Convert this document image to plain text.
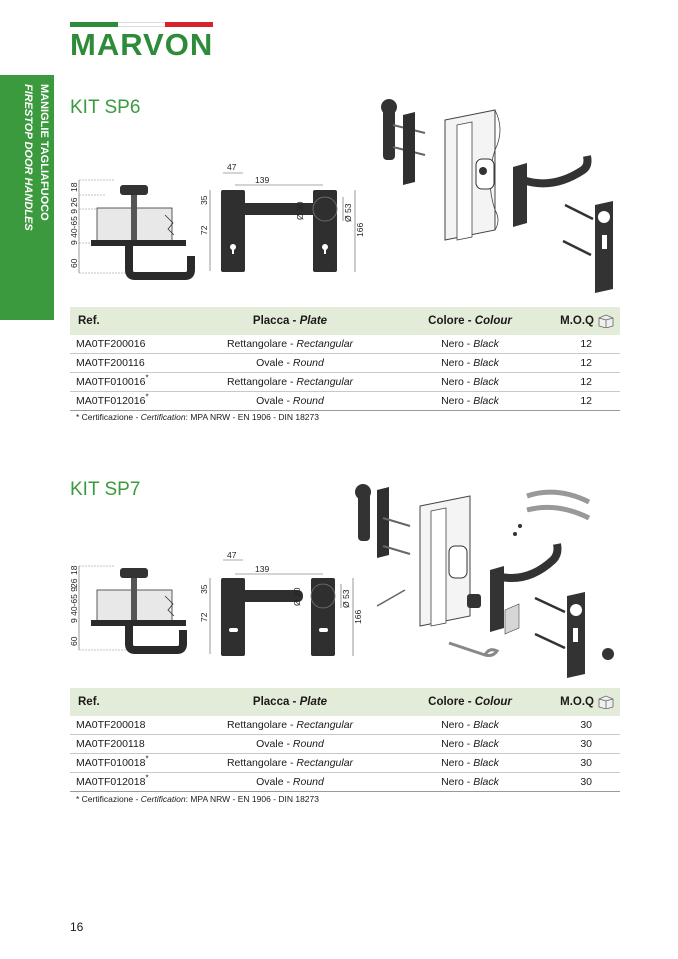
MARVON
MANIGLIE TAGLIAFUOCO
FIRESTOP DOOR HANDLES KIT SP6
60
9 40-65 9
26
18
47
139
35
72
Ø 20	Ø 53
166
Ref.	Placca - Plate	Colore - Colour	M.O.Q
MA0TF200016	Rettangolare - Rectangular	Nero - Black	12
MA0TF200116	Ovale - Round	Nero - Black	12
MA0TF010016*	Rettangolare - Rectangular	Nero - Black	12
MA0TF012016*	Ovale - Round	Nero - Black	12
* Certificazione - Certification: MPA NRW - EN 1906 - DIN 18273
KIT SP7
60
9 40-65 9
26
18
47
139
35
72
Ø 20	Ø 53
166
Ref.	Placca - Plate	Colore - Colour	M.O.Q
MA0TF200018	Rettangolare - Rectangular	Nero - Black	30
MA0TF200118	Ovale - Round	Nero - Black	30
MA0TF010018*	Rettangolare - Rectangular	Nero - Black	30
MA0TF012018*	Ovale - Round	Nero - Black	30
* Certificazione - Certification: MPA NRW - EN 1906 - DIN 18273
16
